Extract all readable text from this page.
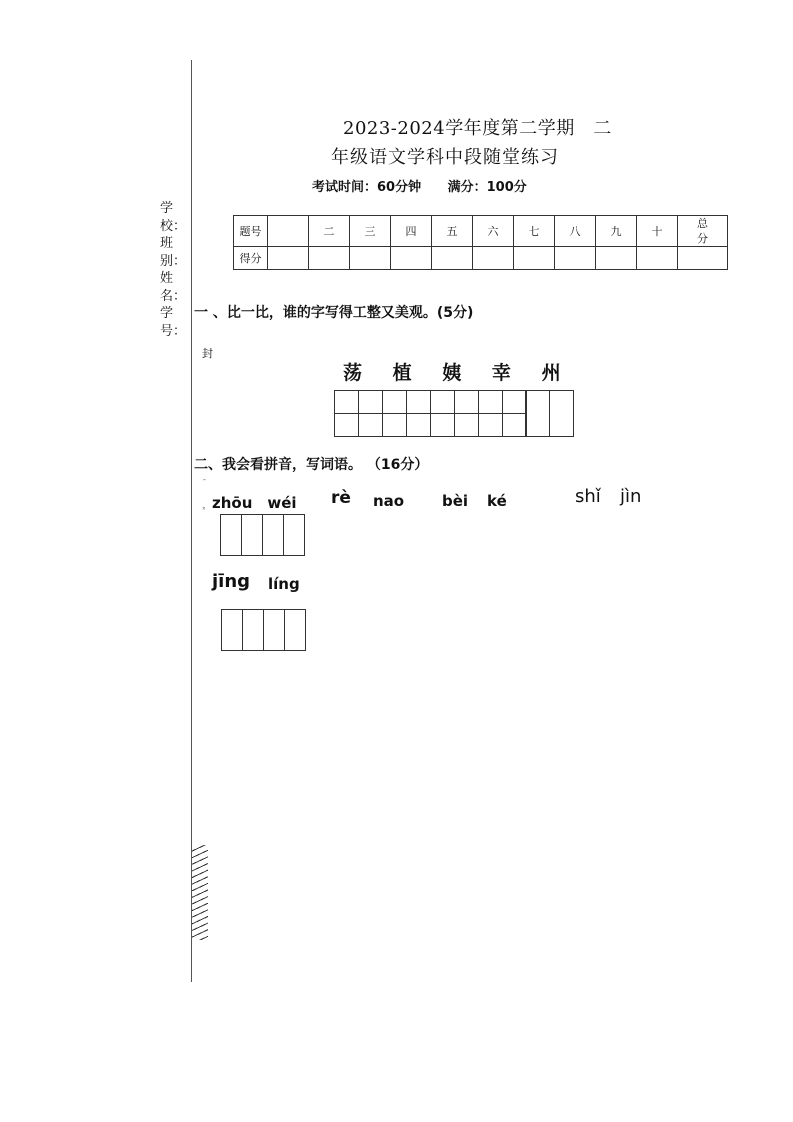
学
校：
班
别：
姓
名：
学
号：
2023-2024学年度第二学期　二
年级语文学科中段随堂练习
考试时间：60分钟 满分：100分
题号		二	三	四	五	六	七	八	九	十	总
分
得分											
一 、比一比，谁的字写得工整又美观。(5分)
封
荡 植 姨 幸 州

二、我会看拼音，写词语。 （16分）
-
ˣ zhōu　wéi rè nao	bèi ké	shǐ jìn
jīng líng
